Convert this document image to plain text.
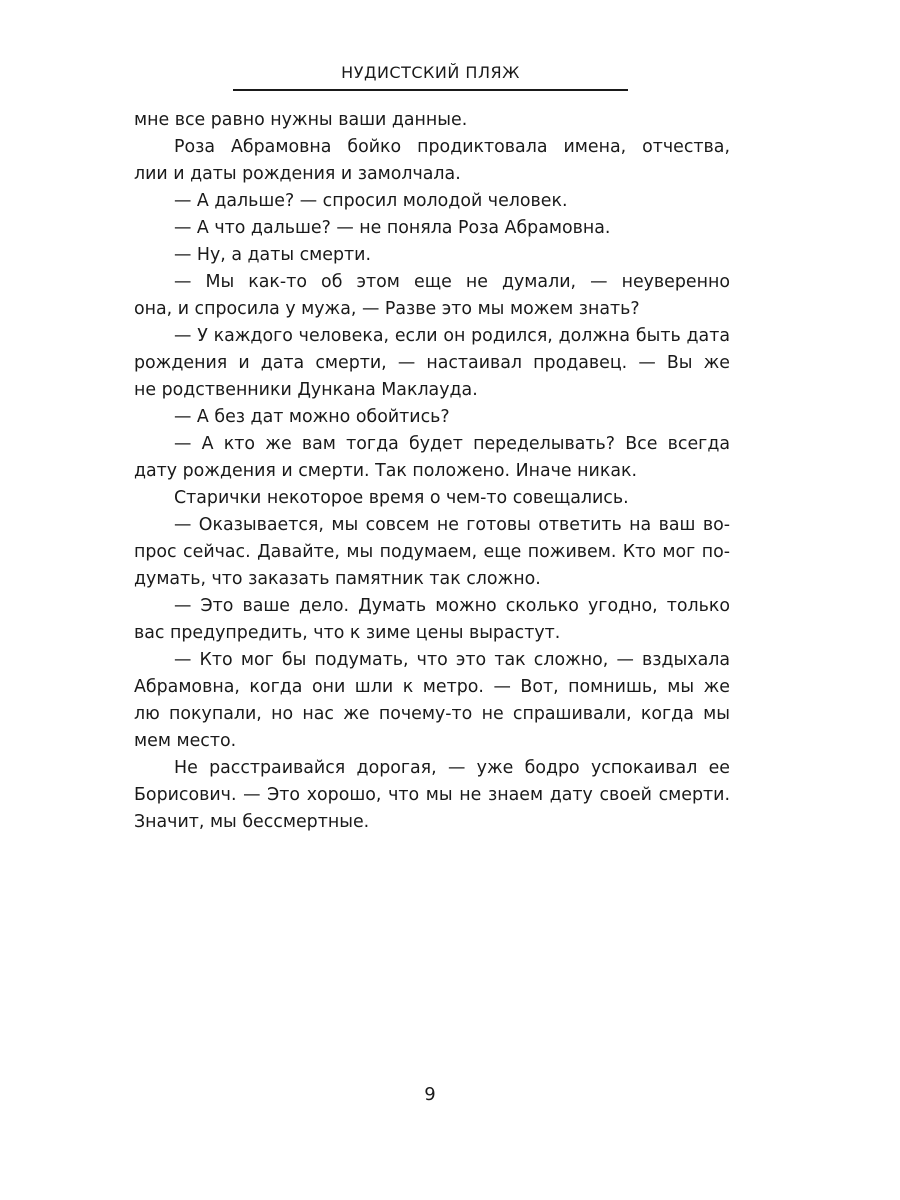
НУДИСТСКИЙ ПЛЯЖ
мне все равно нужны ваши данные.
Роза Абрамовна бойко продиктовала имена, отчества,
лии и даты рождения и замолчала.
— А дальше? — спросил молодой человек.
— А что дальше? — не поняла Роза Абрамовна.
— Ну, а даты смерти.
— Мы как-то об этом еще не думали, — неуверенно
она, и спросила у мужа, — Разве это мы можем знать?
— У каждого человека, если он родился, должна быть дата
рождения и дата смерти, — настаивал продавец. — Вы же
не родственники Дункана Маклауда.
— А без дат можно обойтись?
— А кто же вам тогда будет переделывать? Все всегда
дату рождения и смерти. Так положено. Иначе никак.
Старички некоторое время о чем-то совещались.
— Оказывается, мы совсем не готовы ответить на ваш во-
прос сейчас. Давайте, мы подумаем, еще поживем. Кто мог по-
думать, что заказать памятник так сложно.
— Это ваше дело. Думать можно сколько угодно, только
вас предупредить, что к зиме цены вырастут.
— Кто мог бы подумать, что это так сложно, — вздыхала
Абрамовна, когда они шли к метро. — Вот, помнишь, мы же
лю покупали, но нас же почему-то не спрашивали, когда мы
мем место.
Не расстраивайся дорогая, — уже бодро успокаивал ее
Борисович. — Это хорошо, что мы не знаем дату своей смерти.
Значит, мы бессмертные.
9
